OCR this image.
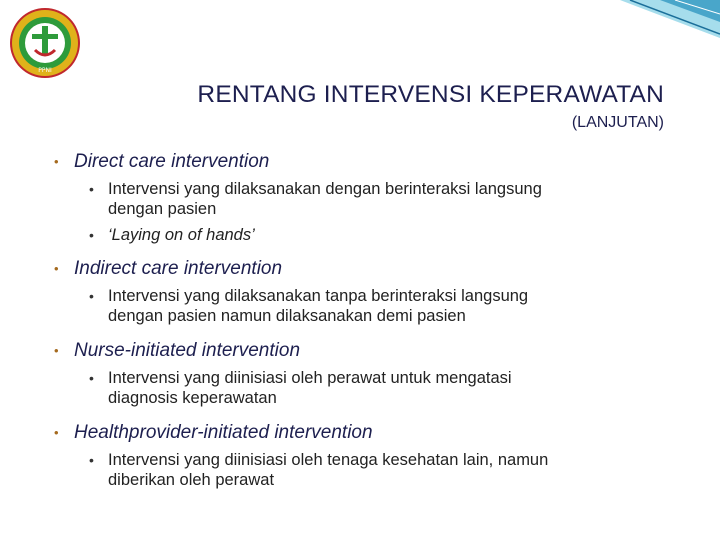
PPNI
RENTANG INTERVENSI KEPERAWATAN
(LANJUTAN)
• Direct care intervention
• Intervensi yang dilaksanakan dengan berinteraksi langsung
dengan pasien
• ‘Laying on of hands’
• Indirect care intervention
• Intervensi yang dilaksanakan tanpa berinteraksi langsung
dengan pasien namun dilaksanakan demi pasien
• Nurse-initiated intervention
• Intervensi yang diinisiasi oleh perawat untuk mengatasi
diagnosis keperawatan
• Healthprovider-initiated intervention
• Intervensi yang diinisiasi oleh tenaga kesehatan lain, namun
diberikan oleh perawat
